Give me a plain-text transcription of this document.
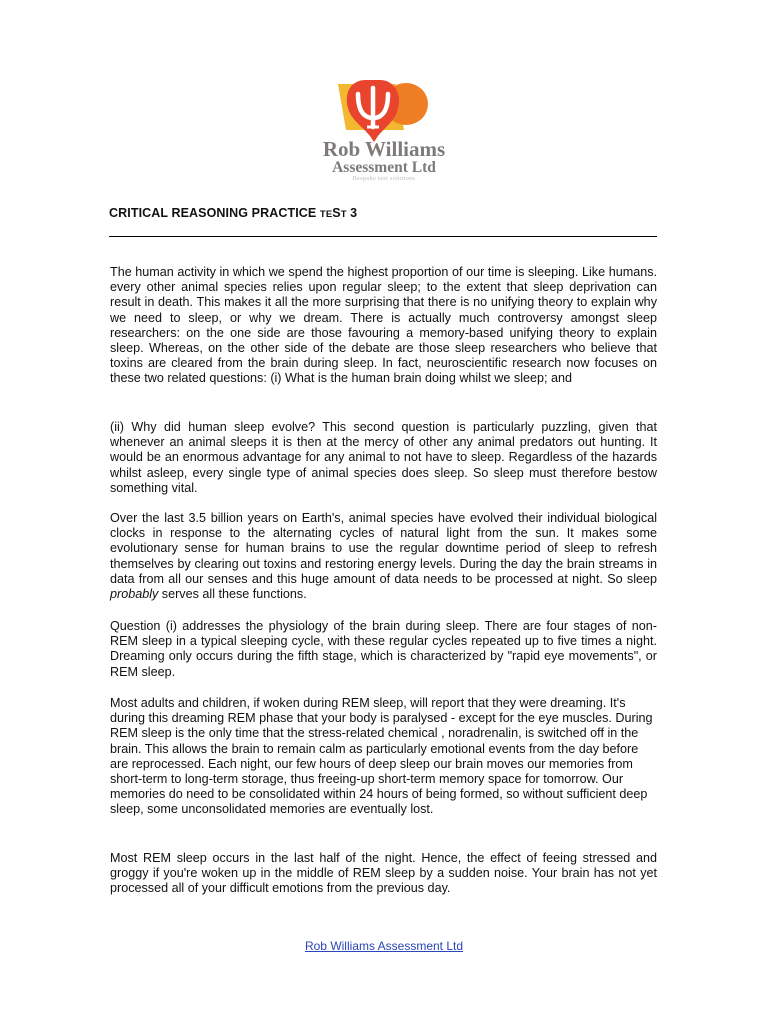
Rob Williams
Assessment Ltd
Bespoke test solutions
CRITICAL REASONING PRACTICE TEST 3

The human activity in which we spend the highest proportion of our time is sleeping. Like humans. every other animal species relies upon regular sleep; to the extent that sleep deprivation can result in death. This makes it all the more surprising that there is no unifying theory to explain why we need to sleep, or why we dream. There is actually much controversy amongst sleep researchers: on the one side are those favouring a memory-based unifying theory to explain sleep. Whereas, on the other side of the debate are those sleep researchers who believe that toxins are cleared from the brain during sleep. In fact, neuroscientific research now focuses on these two related questions: (i) What is the human brain doing whilst we sleep; and

(ii) Why did human sleep evolve? This second question is particularly puzzling, given that whenever an animal sleeps it is then at the mercy of other any animal predators out hunting. It would be an enormous advantage for any animal to not have to sleep. Regardless of the hazards whilst asleep, every single type of animal species does sleep. So sleep must therefore bestow something vital.

Over the last 3.5 billion years on Earth's, animal species have evolved their individual biological clocks in response to the alternating cycles of natural light from the sun. It makes some evolutionary sense for human brains to use the regular downtime period of sleep to refresh themselves by clearing out toxins and restoring energy levels. During the day the brain streams in data from all our senses and this huge amount of data needs to be processed at night. So sleep probably serves all these functions.

Question (i) addresses the physiology of the brain during sleep. There are four stages of non-REM sleep in a typical sleeping cycle, with these regular cycles repeated up to five times a night. Dreaming only occurs during the fifth stage, which is characterized by "rapid eye movements", or REM sleep.

Most adults and children, if woken during REM sleep, will report that they were dreaming. It's during this dreaming REM phase that your body is paralysed - except for the eye muscles. During REM sleep is the only time that the stress-related chemical , noradrenalin, is switched off in the brain. This allows the brain to remain calm as particularly emotional events from the day before are reprocessed. Each night, our few hours of deep sleep our brain moves our memories from short-term to long-term storage, thus freeing-up short-term memory space for tomorrow. Our memories do need to be consolidated within 24 hours of being formed, so without sufficient deep sleep, some unconsolidated memories are eventually lost.

Most REM sleep occurs in the last half of the night. Hence, the effect of feeing stressed and groggy if you're woken up in the middle of REM sleep by a sudden noise. Your brain has not yet processed all of your difficult emotions from the previous day.

Rob Williams Assessment Ltd
